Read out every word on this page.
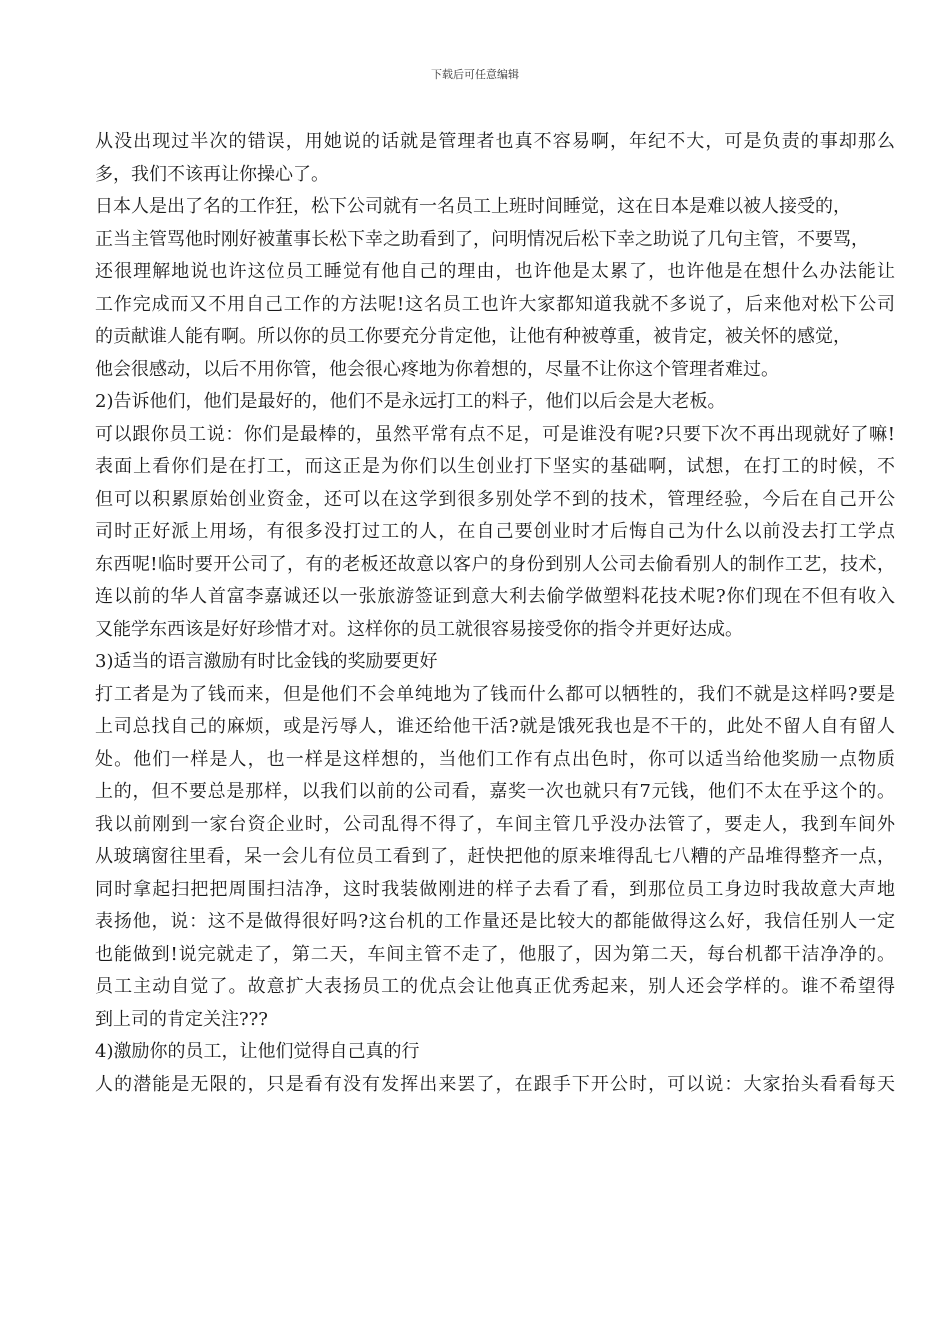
下载后可任意编辑
从没出现过半次的错误，用她说的话就是管理者也真不容易啊，年纪不大，可是负责的事却那么
多，我们不该再让你操心了。
日本人是出了名的工作狂，松下公司就有一名员工上班时间睡觉，这在日本是难以被人接受的，
正当主管骂他时刚好被董事长松下幸之助看到了，问明情况后松下幸之助说了几句主管，不要骂，
还很理解地说也许这位员工睡觉有他自己的理由，也许他是太累了，也许他是在想什么办法能让
工作完成而又不用自己工作的方法呢!这名员工也许大家都知道我就不多说了，后来他对松下公司
的贡献谁人能有啊。所以你的员工你要充分肯定他，让他有种被尊重，被肯定，被关怀的感觉，
他会很感动，以后不用你管，他会很心疼地为你着想的，尽量不让你这个管理者难过。
2)告诉他们，他们是最好的，他们不是永远打工的料子，他们以后会是大老板。
可以跟你员工说：你们是最棒的，虽然平常有点不足，可是谁没有呢?只要下次不再出现就好了嘛!
表面上看你们是在打工，而这正是为你们以生创业打下坚实的基础啊，试想，在打工的时候，不
但可以积累原始创业资金，还可以在这学到很多别处学不到的技术，管理经验，今后在自己开公
司时正好派上用场，有很多没打过工的人，在自己要创业时才后悔自己为什么以前没去打工学点
东西呢!临时要开公司了，有的老板还故意以客户的身份到别人公司去偷看别人的制作工艺，技术，
连以前的华人首富李嘉诚还以一张旅游签证到意大利去偷学做塑料花技术呢?你们现在不但有收入
又能学东西该是好好珍惜才对。这样你的员工就很容易接受你的指令并更好达成。
3)适当的语言激励有时比金钱的奖励要更好
打工者是为了钱而来，但是他们不会单纯地为了钱而什么都可以牺牲的，我们不就是这样吗?要是
上司总找自己的麻烦，或是污辱人，谁还给他干活?就是饿死我也是不干的，此处不留人自有留人
处。他们一样是人，也一样是这样想的，当他们工作有点出色时，你可以适当给他奖励一点物质
上的，但不要总是那样，以我们以前的公司看，嘉奖一次也就只有7元钱，他们不太在乎这个的。
我以前刚到一家台资企业时，公司乱得不得了，车间主管几乎没办法管了，要走人，我到车间外
从玻璃窗往里看，呆一会儿有位员工看到了，赶快把他的原来堆得乱七八糟的产品堆得整齐一点，
同时拿起扫把把周围扫洁净，这时我装做刚进的样子去看了看，到那位员工身边时我故意大声地
表扬他，说：这不是做得很好吗?这台机的工作量还是比较大的都能做得这么好，我信任别人一定
也能做到!说完就走了，第二天，车间主管不走了，他服了，因为第二天，每台机都干洁净净的。
员工主动自觉了。故意扩大表扬员工的优点会让他真正优秀起来，别人还会学样的。谁不希望得
到上司的肯定关注???
4)激励你的员工，让他们觉得自己真的行
人的潜能是无限的，只是看有没有发挥出来罢了，在跟手下开公时，可以说：大家抬头看看每天
